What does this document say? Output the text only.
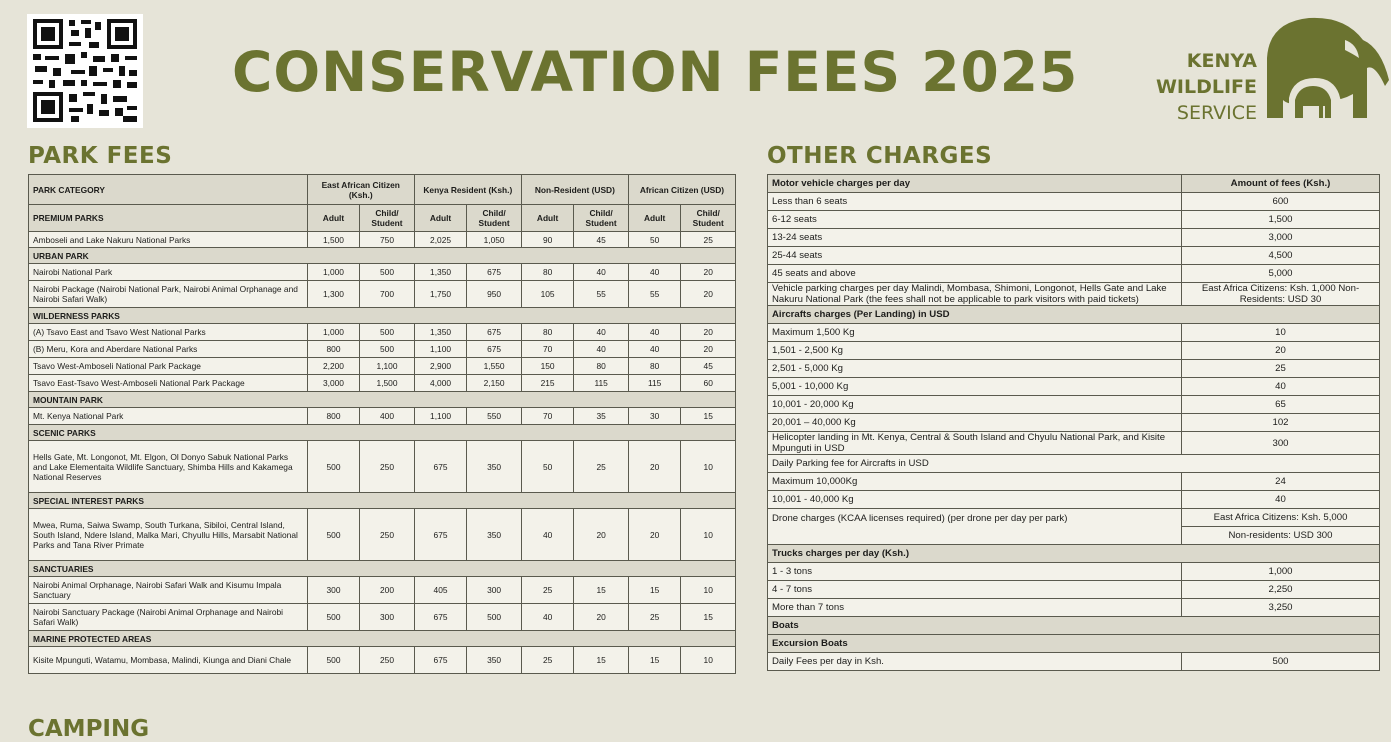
CONSERVATION FEES 2025	KENYA
WILDLIFE
SERVICE
PARK FEES	OTHER CHARGES
PARK CATEGORY	East African Citizen (Ksh.)		Kenya Resident (Ksh.)		Non-Resident (USD)		African Citizen (USD)	
PREMIUM PARKS	Adult	Child/ Student	Adult	Child/ Student	Adult	Child/ Student	Adult	Child/ Student
Amboseli and Lake Nakuru National Parks	1,500	750	2,025	1,050	90	45	50	25
URBAN PARK								
Nairobi National Park	1,000	500	1,350	675	80	40	40	20
Nairobi Package (Nairobi National Park, Nairobi Animal Orphanage and Nairobi Safari Walk)	1,300	700	1,750	950	105	55	55	20
WILDERNESS PARKS								
(A) Tsavo East and Tsavo West National Parks	1,000	500	1,350	675	80	40	40	20
(B) Meru, Kora and Aberdare National Parks	800	500	1,100	675	70	40	40	20
Tsavo West-Amboseli National Park Package	2,200	1,100	2,900	1,550	150	80	80	45
Tsavo East-Tsavo West-Amboseli National Park Package	3,000	1,500	4,000	2,150	215	115	115	60
MOUNTAIN PARK								
Mt. Kenya National Park	800	400	1,100	550	70	35	30	15
SCENIC PARKS								
Hells Gate, Mt. Longonot, Mt. Elgon, Ol Donyo Sabuk National Parks and Lake Elementaita Wildlife Sanctuary, Shimba Hills and Kakamega National Reserves	500	250	675	350	50	25	20	10
SPECIAL INTEREST PARKS								
Mwea, Ruma, Saiwa Swamp, South Turkana, Sibiloi, Central Island, South Island, Ndere Island, Malka Mari, Chyullu Hills, Marsabit National Parks and Tana River Primate	500	250	675	350	40	20	20	10
SANCTUARIES								
Nairobi Animal Orphanage, Nairobi Safari Walk and Kisumu Impala Sanctuary	300	200	405	300	25	15	15	10
Nairobi Sanctuary Package (Nairobi Animal Orphanage and Nairobi Safari Walk)	500	300	675	500	40	20	25	15
MARINE PROTECTED AREAS								
Kisite Mpunguti, Watamu, Mombasa, Malindi, Kiunga and Diani Chale	500	250	675	350	25	15	15	10
Motor vehicle charges per day	Amount of fees (Ksh.)
Less than 6 seats	600
6-12 seats	1,500
13-24 seats	3,000
25-44 seats	4,500
45 seats and above	5,000
Vehicle parking charges per day Malindi, Mombasa, Shimoni, Longonot, Hells Gate and Lake Nakuru National Park (the fees shall not be applicable to park visitors with paid tickets)	East Africa Citizens: Ksh. 1,000 Non-Residents: USD 30
Aircrafts charges (Per Landing) in USD	
Maximum 1,500 Kg	10
1,501 - 2,500 Kg	20
2,501 - 5,000 Kg	25
5,001 - 10,000 Kg	40
10,001 - 20,000 Kg	65
20,001 – 40,000 Kg	102
Helicopter landing in Mt. Kenya, Central & South Island and Chyulu National Park, and Kisite Mpunguti in USD	300
Daily Parking fee for Aircrafts in USD	
Maximum 10,000Kg	24
10,001 - 40,000 Kg	40
Drone charges (KCAA licenses required) (per drone per day per park)	East Africa Citizens: Ksh. 5,000
	Non-residents: USD 300
Trucks charges per day (Ksh.)	
1 - 3 tons	1,000
4 - 7 tons	2,250
More than 7 tons	3,250
Boats	
Excursion Boats	
Daily Fees per day in Ksh.	500
CAMPING
